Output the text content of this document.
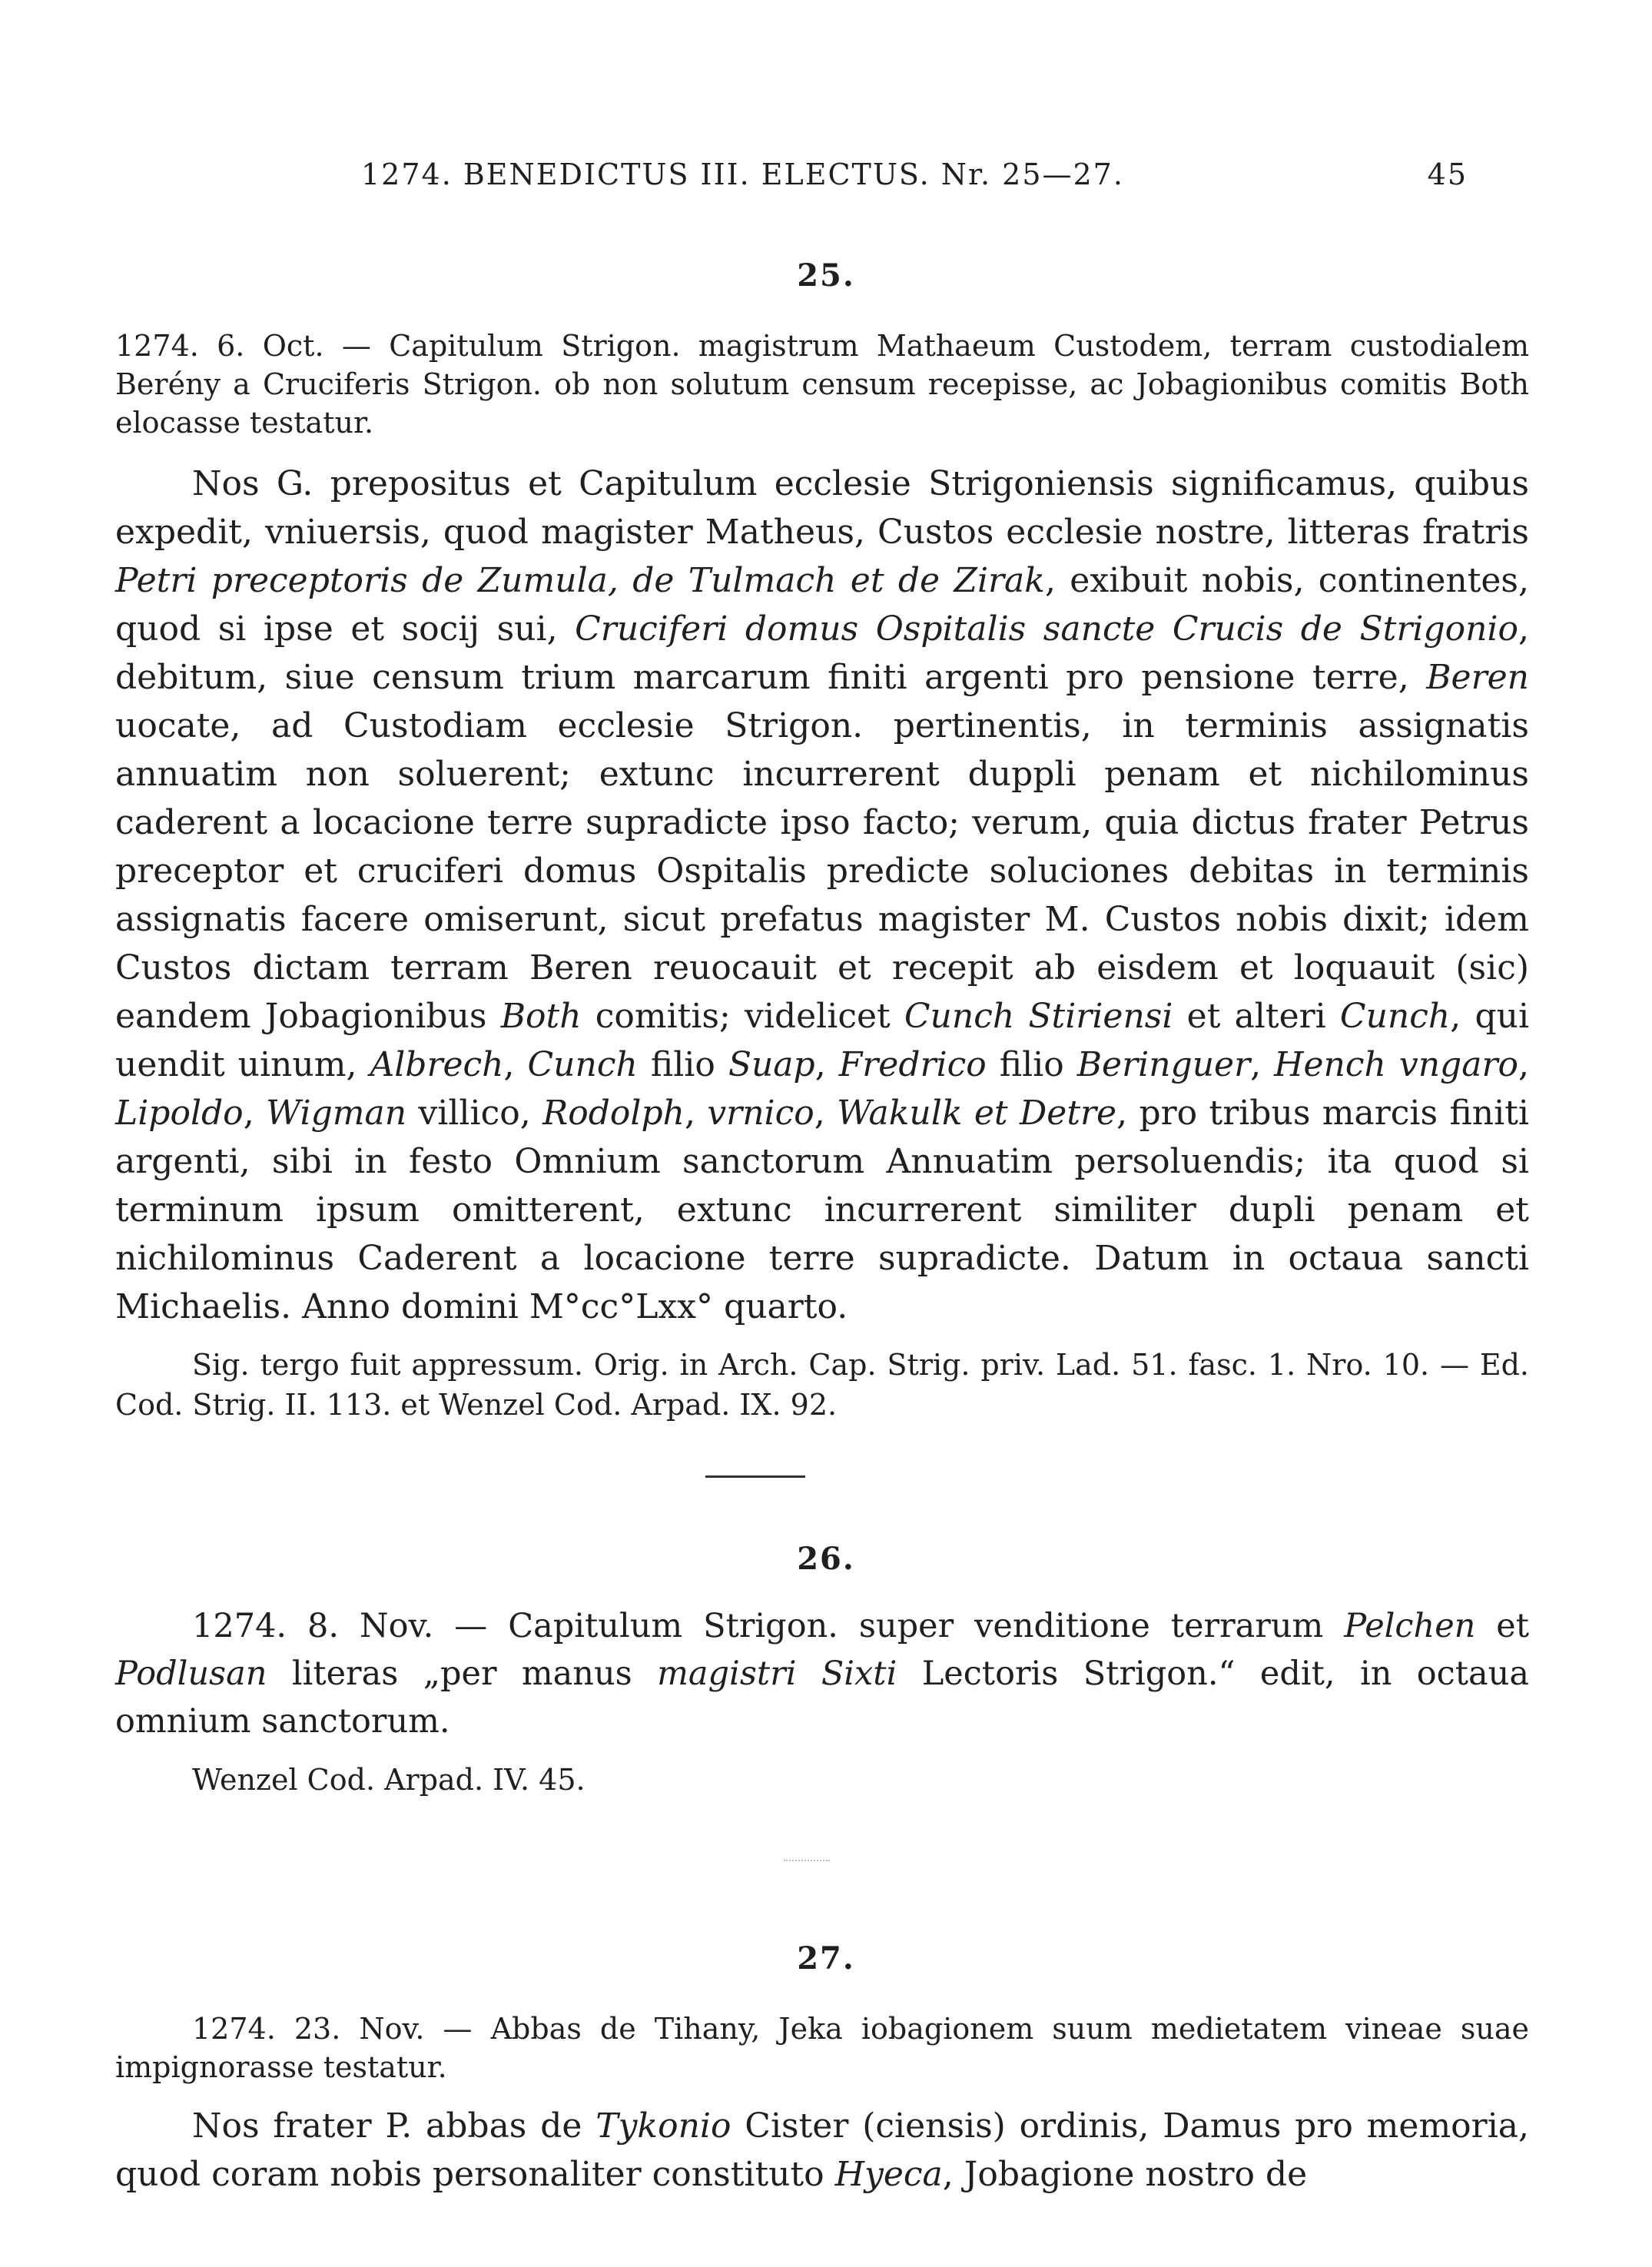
1274. BENEDICTUS III. ELECTUS. Nr. 25—27.	45
25.
1274. 6. Oct. — Capitulum Strigon. magistrum Mathaeum Custodem, terram custodialem Berény a Cruciferis Strigon. ob non solutum censum recepisse, ac Jobagionibus comitis Both elocasse testatur.
Nos G. prepositus et Capitulum ecclesie Strigoniensis significamus, quibus expedit, vniuersis, quod magister Matheus, Custos ecclesie nostre, litteras fratris Petri preceptoris de Zumula, de Tulmach et de Zirak, exibuit nobis, continentes, quod si ipse et socij sui, Cruciferi domus Ospitalis sancte Crucis de Strigonio, debitum, siue censum trium marcarum finiti argenti pro pensione terre, Beren uocate, ad Custodiam ecclesie Strigon. pertinentis, in terminis assignatis annuatim non soluerent; extunc incurrerent duppli penam et nichilominus caderent a locacione terre supradicte ipso facto; verum, quia dictus frater Petrus preceptor et cruciferi domus Ospitalis predicte soluciones debitas in terminis assignatis facere omiserunt, sicut prefatus magister M. Custos nobis dixit; idem Custos dictam terram Beren reuocauit et recepit ab eisdem et loquauit (sic) eandem Jobagionibus Both comitis; videlicet Cunch Stiriensi et alteri Cunch, qui uendit uinum, Albrech, Cunch filio Suap, Fredrico filio Beringuer, Hench vngaro, Lipoldo, Wigman villico, Rodolph, vrnico, Wakulk et Detre, pro tribus marcis finiti argenti, sibi in festo Omnium sanctorum Annuatim persoluendis; ita quod si terminum ipsum omitterent, extunc incurrerent similiter dupli penam et nichilominus Caderent a locacione terre supradicte. Datum in octaua sancti Michaelis. Anno domini M°cc°Lxx° quarto.
Sig. tergo fuit appressum. Orig. in Arch. Cap. Strig. priv. Lad. 51. fasc. 1. Nro. 10. — Ed. Cod. Strig. II. 113. et Wenzel Cod. Arpad. IX. 92.
26.
1274. 8. Nov. — Capitulum Strigon. super venditione terrarum Pelchen et Podlusan literas „per manus magistri Sixti Lectoris Strigon.“ edit, in octaua omnium sanctorum.
Wenzel Cod. Arpad. IV. 45.
27.
1274. 23. Nov. — Abbas de Tihany, Jeka iobagionem suum medietatem vineae suae impignorasse testatur.
Nos frater P. abbas de Tykonio Cister (ciensis) ordinis, Damus pro memoria, quod coram nobis personaliter constituto Hyeca, Jobagione nostro de
